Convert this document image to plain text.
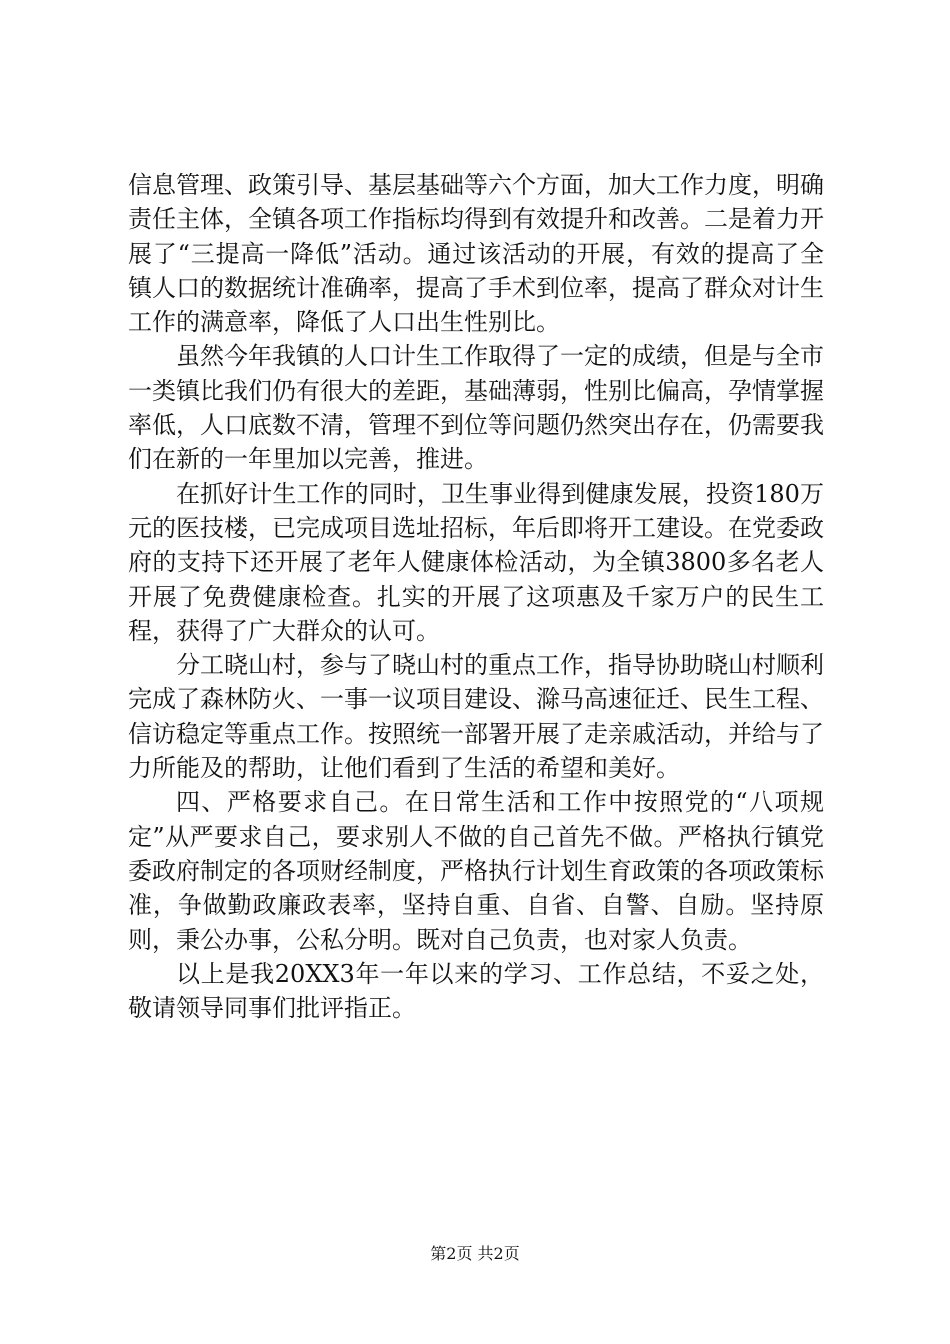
信息管理、政策引导、基层基础等六个方面，加大工作力度，明确责任主体，全镇各项工作指标均得到有效提升和改善。二是着力开展了“三提高一降低”活动。通过该活动的开展，有效的提高了全镇人口的数据统计准确率，提高了手术到位率，提高了群众对计生工作的满意率，降低了人口出生性别比。

虽然今年我镇的人口计生工作取得了一定的成绩，但是与全市一类镇比我们仍有很大的差距，基础薄弱，性别比偏高，孕情掌握率低，人口底数不清，管理不到位等问题仍然突出存在，仍需要我们在新的一年里加以完善，推进。

在抓好计生工作的同时，卫生事业得到健康发展，投资180万元的医技楼，已完成项目选址招标，年后即将开工建设。在党委政府的支持下还开展了老年人健康体检活动，为全镇3800多名老人开展了免费健康检查。扎实的开展了这项惠及千家万户的民生工程，获得了广大群众的认可。

分工晓山村，参与了晓山村的重点工作，指导协助晓山村顺利完成了森林防火、一事一议项目建设、滁马高速征迁、民生工程、信访稳定等重点工作。按照统一部署开展了走亲戚活动，并给与了力所能及的帮助，让他们看到了生活的希望和美好。

四、严格要求自己。在日常生活和工作中按照党的“八项规定”从严要求自己，要求别人不做的自己首先不做。严格执行镇党委政府制定的各项财经制度，严格执行计划生育政策的各项政策标准，争做勤政廉政表率，坚持自重、自省、自警、自励。坚持原则，秉公办事，公私分明。既对自己负责，也对家人负责。

以上是我20XX3年一年以来的学习、工作总结，不妥之处，敬请领导同事们批评指正。

第2页 共2页
